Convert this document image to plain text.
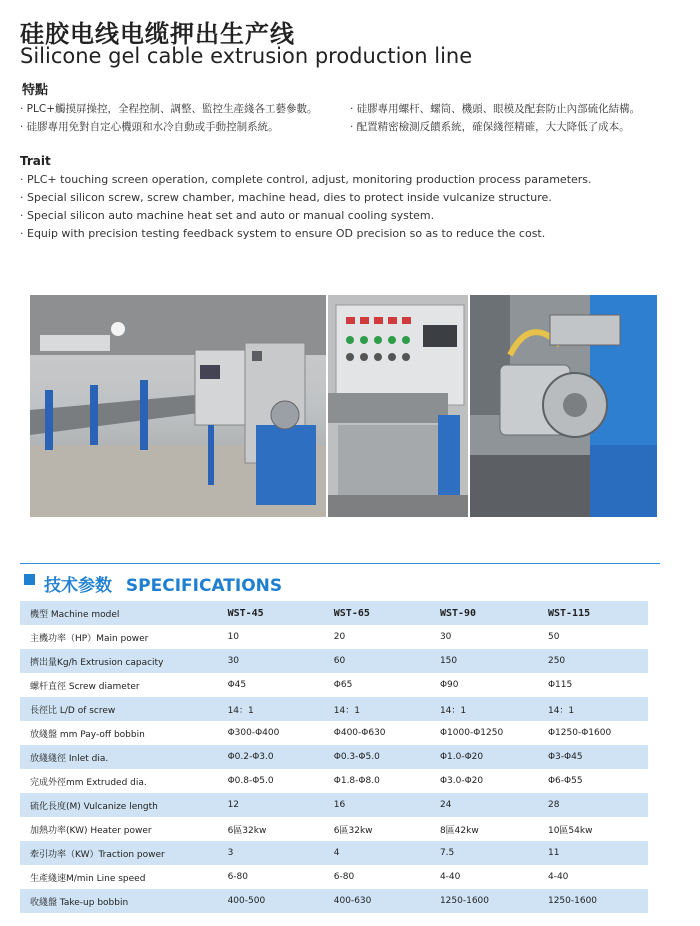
硅胶电线电缆押出生产线
Silicone gel cable extrusion production line
特點
· PLC+觸摸屏操控，全程控制、調整、監控生產綫各工藝參數。
· 硅膠專用免對自定心機頭和水冷自動或手動控制系統。
· 硅膠專用螺杆、螺筒、機頭、眼模及配套防止內部硫化結構。
· 配置精密檢測反饋系統，確保綫徑精確，大大降低了成本。
Trait
· PLC+ touching screen operation, complete control, adjust, monitoring production process parameters.
· Special silicon screw, screw chamber, machine head, dies to protect inside vulcanize structure.
· Special silicon auto machine heat set and auto or manual cooling system.
· Equip with precision testing feedback system to ensure OD precision so as to reduce the cost.
技术参数 SPECIFICATIONS
機型 Machine model	WST-45	WST-65	WST-90	WST-115
主機功率（HP）Main power	10	20	30	50
擠出量Kg/h Extrusion capacity	30	60	150	250
螺杆直徑 Screw diameter	Φ45	Φ65	Φ90	Φ115
長徑比 L/D of screw	14：1	14：1	14：1	14：1
放綫盤 mm Pay-off bobbin	Φ300-Φ400	Φ400-Φ630	Φ1000-Φ1250	Φ1250-Φ1600
放綫綫徑 Inlet dia.	Φ0.2-Φ3.0	Φ0.3-Φ5.0	Φ1.0-Φ20	Φ3-Φ45
完成外徑mm Extruded dia.	Φ0.8-Φ5.0	Φ1.8-Φ8.0	Φ3.0-Φ20	Φ6-Φ55
硫化長度(M) Vulcanize length	12	16	24	28
加熱功率(KW) Heater power	6區32kw	6區32kw	8區42kw	10區54kw
牽引功率（KW）Traction power	3	4	7.5	11
生產綫速M/min Line speed	6-80	6-80	4-40	4-40
收綫盤 Take-up bobbin	400-500	400-630	1250-1600	1250-1600
